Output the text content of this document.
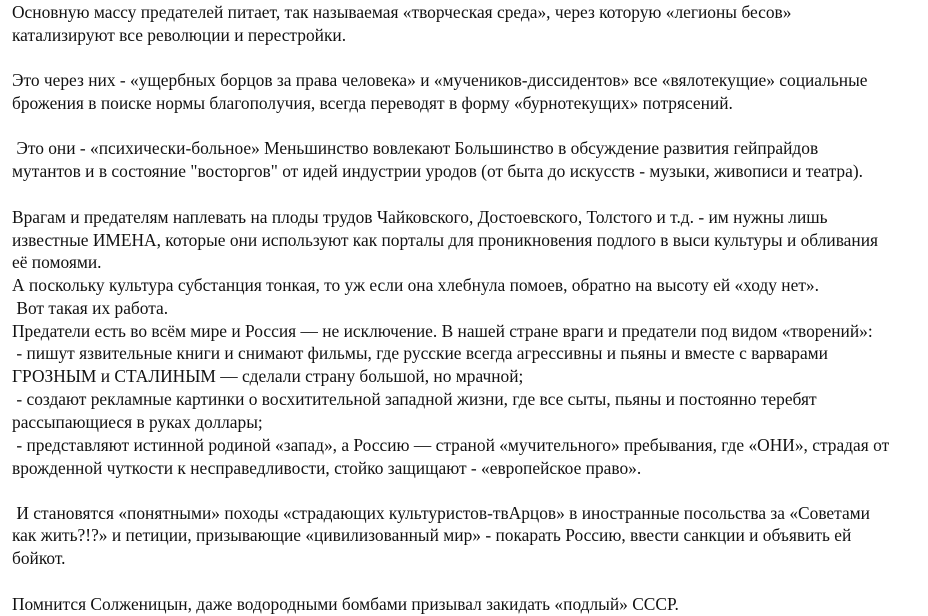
Основную массу предателей питает, так называемая «творческая среда», через которую «легионы бесов»
катализируют все революции и перестройки.
Это через них - «ущербных борцов за права человека» и «мучеников-диссидентов» все «вялотекущие» социальные
брожения в поиске нормы благополучия, всегда переводят в форму «бурнотекущих» потрясений.
Это они - «психически-больное» Меньшинство вовлекают Большинство в обсуждение развития гейпрайдов
мутантов и в состояние "восторгов" от идей индустрии уродов (от быта до искусств - музыки, живописи и театра).
Врагам и предателям наплевать на плоды трудов Чайковского, Достоевского, Толстого и т.д. - им нужны лишь
известные ИМЕНА, которые они используют как порталы для проникновения подлого в выси культуры и обливания
её помоями.
А поскольку культура субстанция тонкая, то уж если она хлебнула помоев, обратно на высоту ей «ходу нет».
Вот такая их работа.
Предатели есть во всём мире и Россия — не исключение. В нашей стране враги и предатели под видом «творений»:
- пишут язвительные книги и снимают фильмы, где русские всегда агрессивны и пьяны и вместе с варварами
ГРОЗНЫМ и СТАЛИНЫМ — сделали страну большой, но мрачной;
- создают рекламные картинки о восхитительной западной жизни, где все сыты, пьяны и постоянно теребят
рассыпающиеся в руках доллары;
- представляют истинной родиной «запад», а Россию — страной «мучительного» пребывания, где «ОНИ», страдая от
врожденной чуткости к несправедливости, стойко защищают - «европейское право».
И становятся «понятными» походы «страдающих культуристов-твАрцов» в иностранные посольства за «Советами
как жить?!?» и петиции, призывающие «цивилизованный мир» - покарать Россию, ввести санкции и объявить ей
бойкот.
Помнится Солженицын, даже водородными бомбами призывал закидать «подлый» СССР.
